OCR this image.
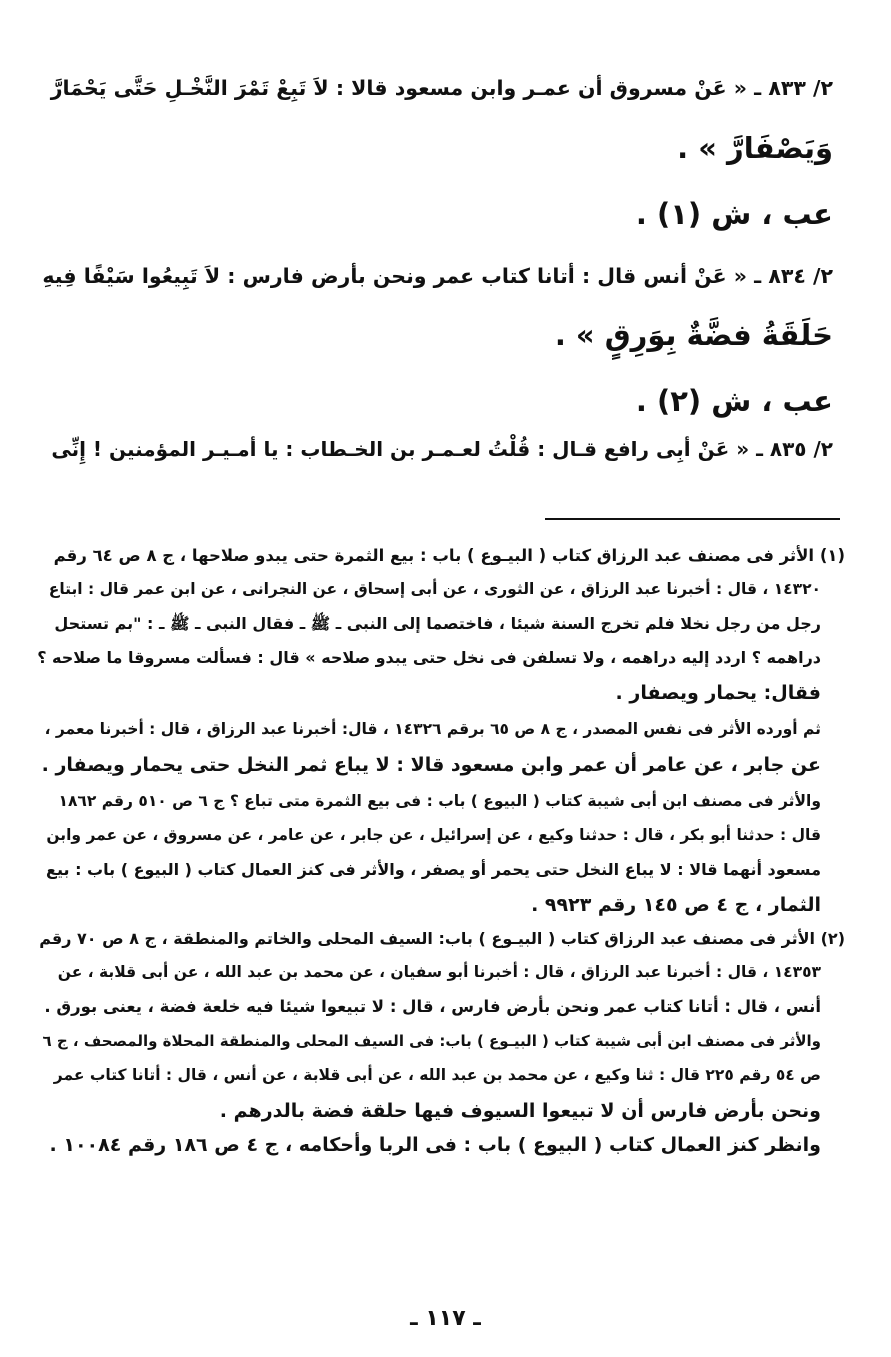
٢/ ٨٣٣ ـ « عَنْ مسروق أن عمـر وابن مسعود قالا : لاَ تَبِعْ تَمْرَ النَّخْـلِ حَتَّى يَحْمَارَّ
وَيَصْفَارَّ » .
عب ، ش (١) .
٢/ ٨٣٤ ـ « عَنْ أنس قال : أتانا كتاب عمر ونحن بأرض فارس : لاَ تَبِيعُوا سَيْفًا فِيهِ
حَلَقَةُ فضَّةٌ بِوَرِقٍ » .
عب ، ش (٢) .
٢/ ٨٣٥ ـ « عَنْ أبِى رافع قـال : قُلْتُ لعـمـر بن الخـطاب : يا أمـيـر المؤمنين ! إِنِّى
(١) الأثر فى مصنف عبد الرزاق كتاب ( البيـوع ) باب : بيع الثمرة حتى يبدو صلاحها ، ج ٨ ص ٦٤ رقم
١٤٣٢٠ ، قال : أخبرنا عبد الرزاق ، عن الثورى ، عن أبى إسحاق ، عن النجرانى ، عن ابن عمر قال : ابتاع
رجل من رجل نخلا فلم تخرج السنة شيئا ، فاختصما إلى النبى ـ ﷺ ـ فقال النبى ـ ﷺ ـ : "بم تستحل
دراهمه ؟ اردد إليه دراهمه ، ولا تسلفن فى نخل حتى يبدو صلاحه » قال : فسألت مسروقا ما صلاحه ؟
فقال: يحمار ويصفار .
ثم أورده الأثر فى نفس المصدر ، ج ٨ ص ٦٥ برقم ١٤٣٢٦ ، قال: أخبرنا عبد الرزاق ، قال : أخبرنا معمر ،
عن جابر ، عن عامر أن عمر وابن مسعود قالا : لا يباع ثمر النخل حتى يحمار ويصفار .
والأثر فى مصنف ابن أبى شيبة كتاب ( البيوع ) باب : فى بيع الثمرة متى تباع ؟ ج ٦ ص ٥١٠ رقم ١٨٦٢
قال : حدثنا أبو بكر ، قال : حدثنا وكيع ، عن إسرائيل ، عن جابر ، عن عامر ، عن مسروق ، عن عمر وابن
مسعود أنهما قالا : لا يباع النخل حتى يحمر أو يصفر ، والأثر فى كنز العمال كتاب ( البيوع ) باب : بيع
الثمار ، ج ٤ ص ١٤٥ رقم ٩٩٢٣ .
(٢) الأثر فى مصنف عبد الرزاق كتاب ( البيـوع ) باب: السيف المحلى والخاتم والمنطقة ، ج ٨ ص ٧٠ رقم
١٤٣٥٣ ، قال : أخبرنا عبد الرزاق ، قال : أخبرنا أبو سفيان ، عن محمد بن عبد الله ، عن أبى قلابة ، عن
أنس ، قال : أتانا كتاب عمر ونحن بأرض فارس ، قال : لا تبيعوا شيئا فيه خلعة فضة ، يعنى بورق .
والأثر فى مصنف ابن أبى شيبة كتاب ( البيـوع ) باب: فى السيف المحلى والمنطقة المحلاة والمصحف ، ج ٦
ص ٥٤ رقم ٢٢٥ قال : ثنا وكيع ، عن محمد بن عبد الله ، عن أبى قلابة ، عن أنس ، قال : أتانا كتاب عمر
ونحن بأرض فارس أن لا تبيعوا السيوف فيها حلقة فضة بالدرهم .
وانظر كنز العمال كتاب ( البيوع ) باب : فى الربا وأحكامه ، ج ٤ ص ١٨٦ رقم ١٠٠٨٤ .
ـ ١١٧ ـ
